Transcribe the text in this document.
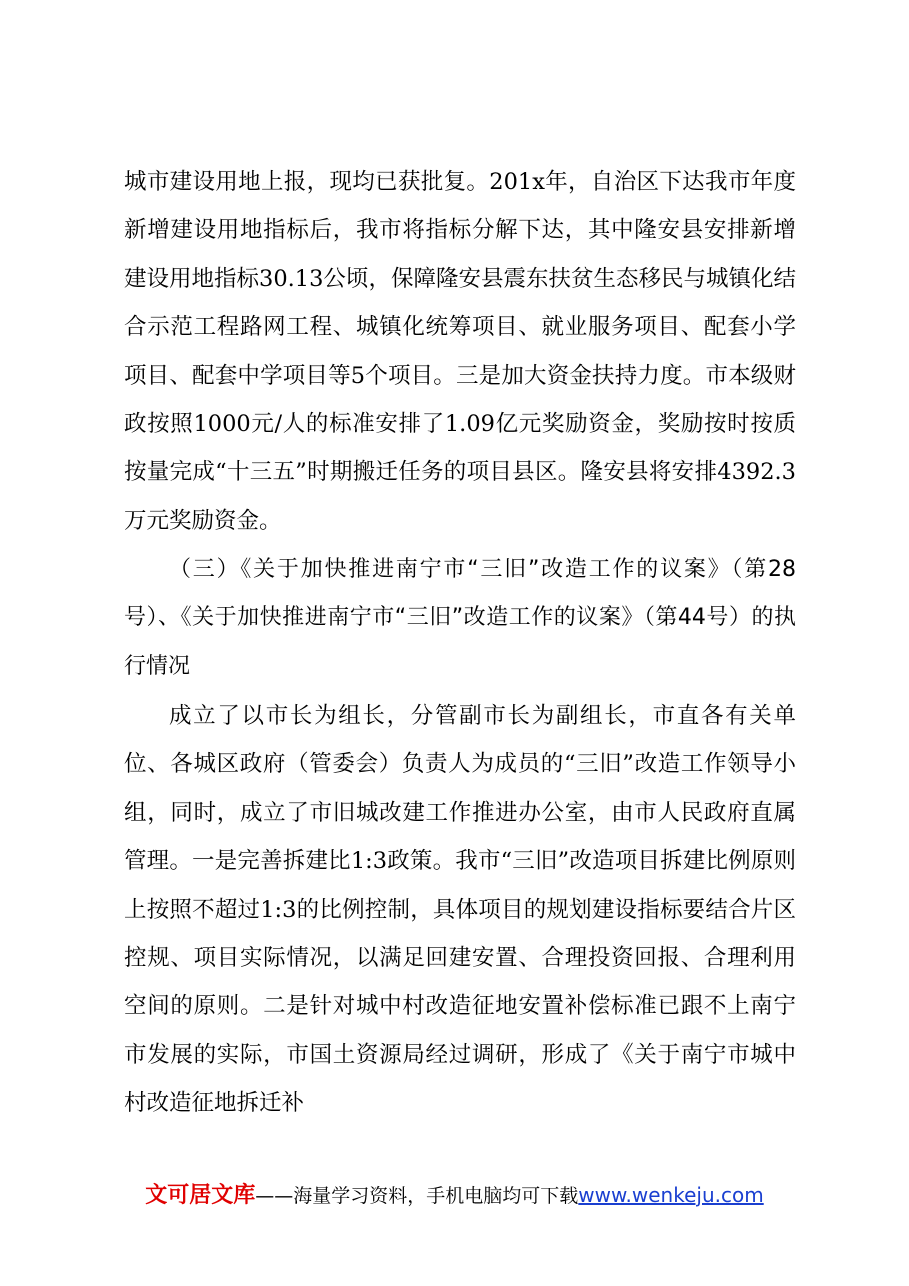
城市建设用地上报，现均已获批复。201x年，自治区下达我市年度新增建设用地指标后，我市将指标分解下达，其中隆安县安排新增建设用地指标30.13公顷，保障隆安县震东扶贫生态移民与城镇化结合示范工程路网工程、城镇化统筹项目、就业服务项目、配套小学项目、配套中学项目等5个项目。三是加大资金扶持力度。市本级财政按照1000元/人的标准安排了1.09亿元奖励资金，奖励按时按质按量完成“十三五”时期搬迁任务的项目县区。隆安县将安排4392.3万元奖励资金。

（三）《关于加快推进南宁市“三旧”改造工作的议案》（第28号）、《关于加快推进南宁市“三旧”改造工作的议案》（第44号）的执行情况

成立了以市长为组长，分管副市长为副组长，市直各有关单位、各城区政府（管委会）负责人为成员的“三旧”改造工作领导小组，同时，成立了市旧城改建工作推进办公室，由市人民政府直属管理。一是完善拆建比1:3政策。我市“三旧”改造项目拆建比例原则上按照不超过1:3的比例控制，具体项目的规划建设指标要结合片区控规、项目实际情况，以满足回建安置、合理投资回报、合理利用空间的原则。二是针对城中村改造征地安置补偿标准已跟不上南宁市发展的实际，市国土资源局经过调研，形成了《关于南宁市城中村改造征地拆迁补

文可居文库——海量学习资料，手机电脑均可下载www.wenkeju.com
